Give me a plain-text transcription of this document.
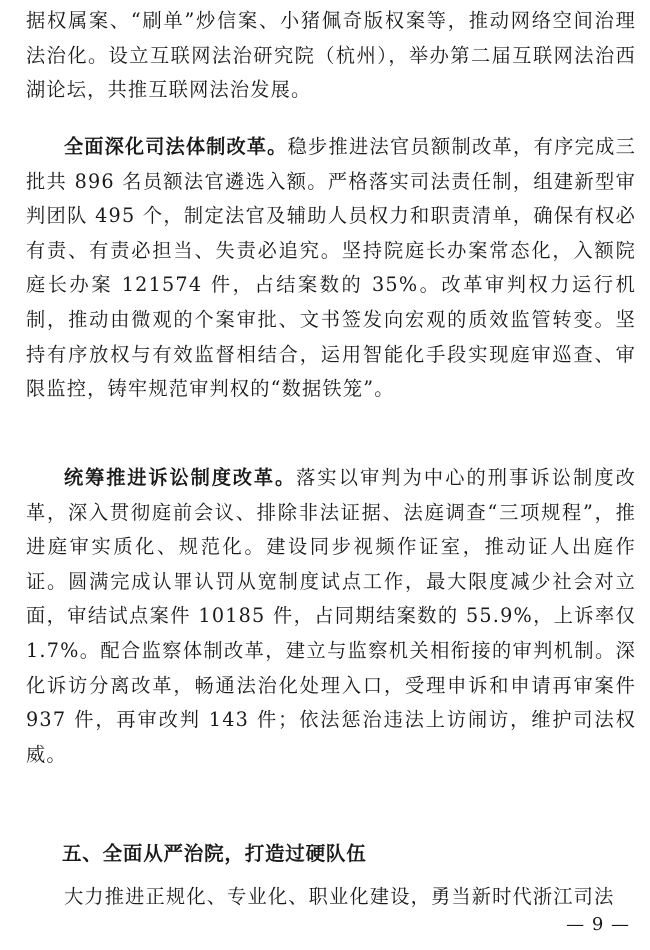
据权属案、“刷单”炒信案、小猪佩奇版权案等，推动网络空间治理法治化。设立互联网法治研究院（杭州），举办第二届互联网法治西湖论坛，共推互联网法治发展。

全面深化司法体制改革。稳步推进法官员额制改革，有序完成三批共 896 名员额法官遴选入额。严格落实司法责任制，组建新型审判团队 495 个，制定法官及辅助人员权力和职责清单，确保有权必有责、有责必担当、失责必追究。坚持院庭长办案常态化，入额院庭长办案 121574 件，占结案数的 35%。改革审判权力运行机制，推动由微观的个案审批、文书签发向宏观的质效监管转变。坚持有序放权与有效监督相结合，运用智能化手段实现庭审巡查、审限监控，铸牢规范审判权的“数据铁笼”。

统筹推进诉讼制度改革。落实以审判为中心的刑事诉讼制度改革，深入贯彻庭前会议、排除非法证据、法庭调查“三项规程”，推进庭审实质化、规范化。建设同步视频作证室，推动证人出庭作证。圆满完成认罪认罚从宽制度试点工作，最大限度减少社会对立面，审结试点案件 10185 件，占同期结案数的 55.9%，上诉率仅 1.7%。配合监察体制改革，建立与监察机关相衔接的审判机制。深化诉访分离改革，畅通法治化处理入口，受理申诉和申请再审案件 937 件，再审改判 143 件；依法惩治违法上访闹访，维护司法权威。

五、全面从严治院，打造过硬队伍

大力推进正规化、专业化、职业化建设，勇当新时代浙江司法

— 9 —
